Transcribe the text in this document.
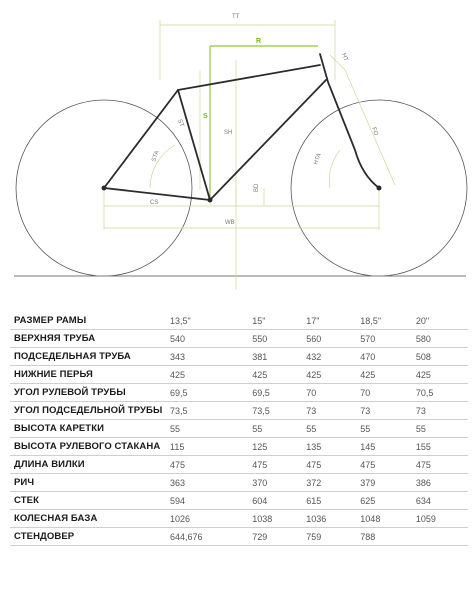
TT
R
HT
S
SH
ST
STA
FO
HTA
BD
CS
WB
РАЗМЕР РАМЫ	13,5"	15"	17"	18,5"	20"
ВЕРХНЯЯ ТРУБА	540	550	560	570	580
ПОДСЕДЕЛЬНАЯ ТРУБА	343	381	432	470	508
НИЖНИЕ ПЕРЬЯ	425	425	425	425	425
УГОЛ РУЛЕВОЙ ТРУБЫ	69,5	69,5	70	70	70,5
УГОЛ ПОДСЕДЕЛЬНОЙ ТРУБЫ	73,5	73,5	73	73	73
ВЫСОТА КАРЕТКИ	55	55	55	55	55
ВЫСОТА РУЛЕВОГО СТАКАНА	115	125	135	145	155
ДЛИНА ВИЛКИ	475	475	475	475	475
РИЧ	363	370	372	379	386
СТЕК	594	604	615	625	634
КОЛЕСНАЯ БАЗА	1026	1038	1036	1048	1059
СТЕНДОВЕР	644,676	729	759	788	
